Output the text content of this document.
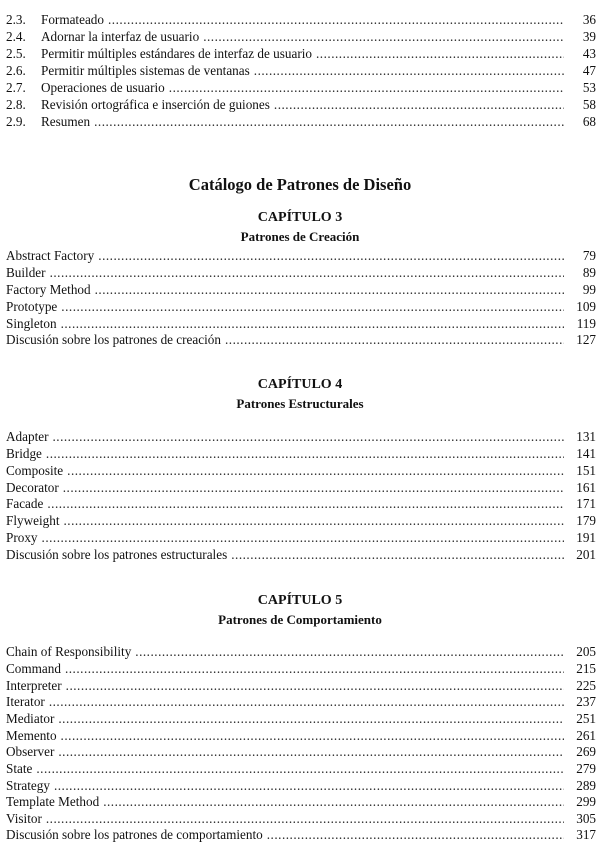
2.3.	Formateado .....	36
2.4.	Adornar la interfaz de usuario .....	39
2.5.	Permitir múltiples estándares de interfaz de usuario .....	43
2.6.	Permitir múltiples sistemas de ventanas .....	47
2.7.	Operaciones de usuario .....	53
2.8.	Revisión ortográfica e inserción de guiones .....	58
2.9.	Resumen .....	68
Catálogo de Patrones de Diseño
CAPÍTULO 3
Patrones de Creación
Abstract Factory .....	79
Builder .....	89
Factory Method .....	99
Prototype .....	109
Singleton .....	119
Discusión sobre los patrones de creación .....	127
CAPÍTULO 4
Patrones Estructurales
Adapter .....	131
Bridge .....	141
Composite .....	151
Decorator .....	161
Facade .....	171
Flyweight .....	179
Proxy .....	191
Discusión sobre los patrones estructurales .....	201
CAPÍTULO 5
Patrones de Comportamiento
Chain of Responsibility .....	205
Command .....	215
Interpreter .....	225
Iterator .....	237
Mediator .....	251
Memento .....	261
Observer .....	269
State .....	279
Strategy .....	289
Template Method .....	299
Visitor .....	305
Discusión sobre los patrones de comportamiento .....	317
